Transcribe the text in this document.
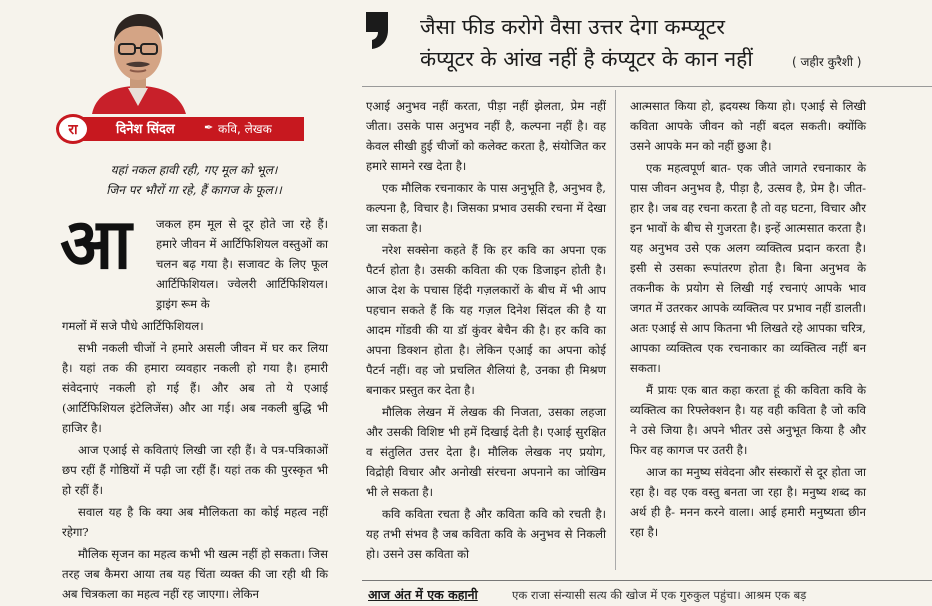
रा	दिनेश सिंदल	✒ कवि, लेखक
यहां नकल हावी रही, गए मूल को भूल।
जिन पर भौरों गा रहे, हैं कागज के फूल।।
जैसा फीड करोगे वैसा उत्तर देगा कम्प्यूटर
कंप्यूटर के आंख नहीं है कंप्यूटर के कान नहीं	( जहीर कुरैशी )
आ जकल हम मूल से दूर होते जा रहे हैं। हमारे जीवन में आर्टिफिशियल वस्तुओं का चलन बढ़ गया है। सजावट के लिए फूल आर्टिफिशियल। ज्वेलरी आर्टिफिशियल। ड्राइंग रूम के

गमलों में सजे पौधे आर्टिफिशियल।

सभी नकली चीजों ने हमारे असली जीवन में घर कर लिया है। यहां तक की हमारा व्यवहार नकली हो गया है। हमारी संवेदनाएं नकली हो गई हैं। और अब तो ये एआई (आर्टिफिशियल इंटेलिजेंस) और आ गई। अब नकली बुद्धि भी हाजिर है।

आज एआई से कविताएं लिखी जा रही हैं। वे पत्र-पत्रिकाओं छप रहीं हैं गोष्ठियों में पढ़ी जा रहीं हैं। यहां तक की पुरस्कृत भी हो रहीं हैं।

सवाल यह है कि क्या अब मौलिकता का कोई महत्व नहीं रहेगा?

मौलिक सृजन का महत्व कभी भी खत्म नहीं हो सकता। जिस तरह जब कैमरा आया तब यह चिंता व्यक्त की जा रही थी कि अब चित्रकला का महत्व नहीं रह जाएगा। लेकिन

एआई अनुभव नहीं करता, पीड़ा नहीं झेलता, प्रेम नहीं जीता। उसके पास अनुभव नहीं है, कल्पना नहीं है। वह केवल सीखी हुई चीजों को कलेक्ट करता है, संयोजित कर हमारे सामने रख देता है।

एक मौलिक रचनाकार के पास अनुभूति है, अनुभव है, कल्पना है, विचार है। जिसका प्रभाव उसकी रचना में देखा जा सकता है।

नरेश सक्सेना कहते हैं कि हर कवि का अपना एक पैटर्न होता है। उसकी कविता की एक डिजाइन होती है। आज देश के पचास हिंदी गज़लकारों के बीच में भी आप पहचान सकते हैं कि यह गज़ल दिनेश सिंदल की है या आदम गोंडवी की या डॉ कुंवर बेचैन की है। हर कवि का अपना डिक्शन होता है। लेकिन एआई का अपना कोई पैटर्न नहीं। वह जो प्रचलित शैलियां है, उनका ही मिश्रण बनाकर प्रस्तुत कर देता है।

मौलिक लेखन में लेखक की निजता, उसका लहजा और उसकी विशिष्ट भी हमें दिखाई देती है। एआई सुरक्षित व संतुलित उत्तर देता है। मौलिक लेखक नए प्रयोग, विद्रोही विचार और अनोखी संरचना अपनाने का जोखिम भी ले सकता है।

कवि कविता रचता है और कविता कवि को रचती है। यह तभी संभव है जब कविता कवि के अनुभव से निकली हो। उसने उस कविता को

आत्मसात किया हो, ह्रदयस्थ किया हो। एआई से लिखी कविता आपके जीवन को नहीं बदल सकती। क्योंकि उसने आपके मन को नहीं छुआ है।

एक महत्वपूर्ण बात- एक जीते जागते रचनाकार के पास जीवन अनुभव है, पीड़ा है, उत्सव है, प्रेम है। जीत- हार है। जब वह रचना करता है तो वह घटना, विचार और इन भावों के बीच से गुजरता है। इन्हें आत्मसात करता है। यह अनुभव उसे एक अलग व्यक्तित्व प्रदान करता है। इसी से उसका रूपांतरण होता है। बिना अनुभव के तकनीक के प्रयोग से लिखी गई रचनाएं आपके भाव जगत में उतरकर आपके व्यक्तित्व पर प्रभाव नहीं डालती। अतः एआई से आप कितना भी लिखते रहे आपका चरित्र, आपका व्यक्तित्व एक रचनाकार का व्यक्तित्व नहीं बन सकता।

मैं प्रायः एक बात कहा करता हूं की कविता कवि के व्यक्तित्व का रिफ्लेक्शन है। यह वही कविता है जो कवि ने उसे जिया है। अपने भीतर उसे अनुभूत किया है और फिर वह कागज पर उतरी है।

आज का मनुष्य संवेदना और संस्कारों से दूर होता जा रहा है। वह एक वस्तु बनता जा रहा है। मनुष्य शब्द का अर्थ ही है- मनन करने वाला। आई हमारी मनुष्यता छीन रहा है।

आज अंत में एक कहानी	एक राजा संन्यासी सत्य की खोज में एक गुरुकुल पहुंचा। आश्रम एक बड़
